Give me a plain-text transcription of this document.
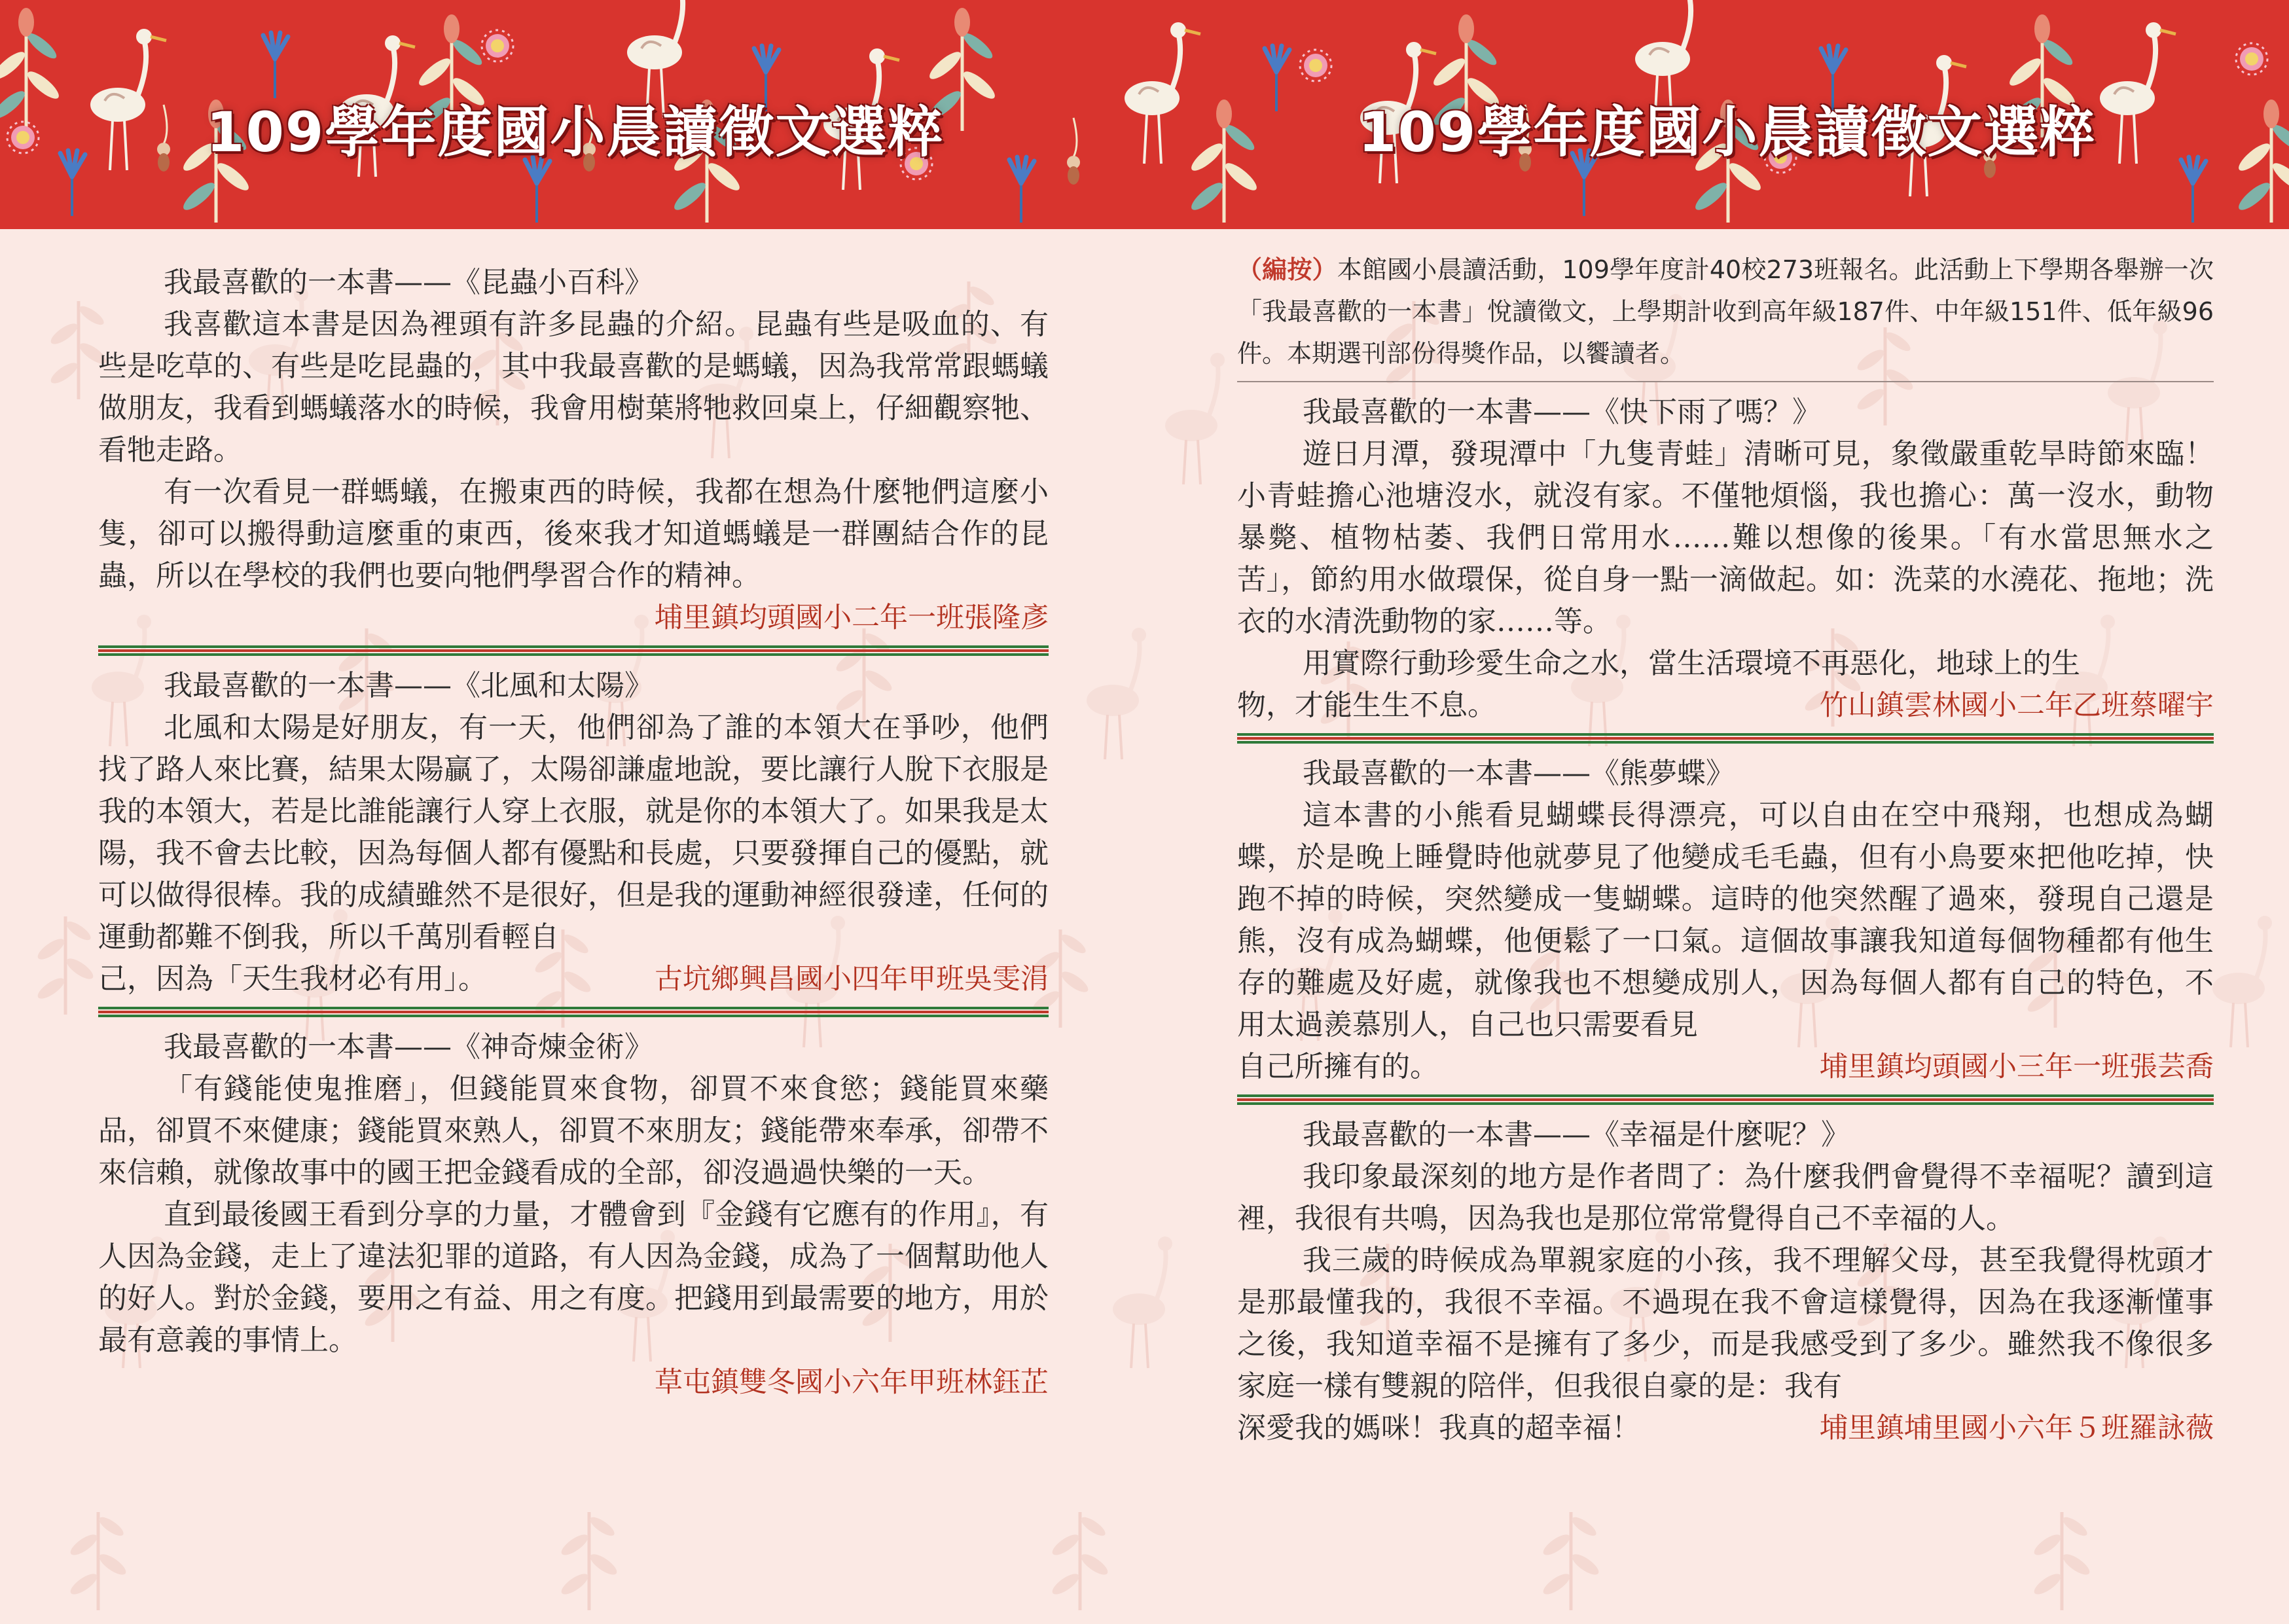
109學年度國小晨讀徵文選粹	109學年度國小晨讀徵文選粹

我最喜歡的一本書——《昆蟲小百科》

我喜歡這本書是因為裡頭有許多昆蟲的介紹。昆蟲有些是吸血的、有些是吃草的、有些是吃昆蟲的，其中我最喜歡的是螞蟻，因為我常常跟螞蟻做朋友，我看到螞蟻落水的時候，我會用樹葉將牠救回桌上，仔細觀察牠、看牠走路。

有一次看見一群螞蟻，在搬東西的時候，我都在想為什麼牠們這麼小隻，卻可以搬得動這麼重的東西，後來我才知道螞蟻是一群團結合作的昆蟲，所以在學校的我們也要向牠們學習合作的精神。

埔里鎮均頭國小二年一班張隆彥

我最喜歡的一本書——《北風和太陽》

北風和太陽是好朋友，有一天，他們卻為了誰的本領大在爭吵，他們找了路人來比賽，結果太陽贏了，太陽卻謙虛地說，要比讓行人脫下衣服是我的本領大，若是比誰能讓行人穿上衣服，就是你的本領大了。如果我是太陽，我不會去比較，因為每個人都有優點和長處，只要發揮自己的優點，就可以做得很棒。我的成績雖然不是很好，但是我的運動神經很發達，任何的運動都難不倒我，所以千萬別看輕自

己，因為「天生我材必有用」。	古坑鄉興昌國小四年甲班吳雯涓

我最喜歡的一本書——《神奇煉金術》

「有錢能使鬼推磨」，但錢能買來食物，卻買不來食慾；錢能買來藥品，卻買不來健康；錢能買來熟人，卻買不來朋友；錢能帶來奉承，卻帶不來信賴，就像故事中的國王把金錢看成的全部，卻沒過過快樂的一天。

直到最後國王看到分享的力量，才體會到『金錢有它應有的作用』，有人因為金錢，走上了違法犯罪的道路，有人因為金錢，成為了一個幫助他人的好人。對於金錢，要用之有益、用之有度。把錢用到最需要的地方，用於最有意義的事情上。

草屯鎮雙冬國小六年甲班林鈺芷

（編按）本館國小晨讀活動，109學年度計40校273班報名。此活動上下學期各舉辦一次「我最喜歡的一本書」悅讀徵文，上學期計收到高年級187件、中年級151件、低年級96件。本期選刊部份得獎作品，以饗讀者。

我最喜歡的一本書——《快下雨了嗎？》

遊日月潭，發現潭中「九隻青蛙」清晰可見，象徵嚴重乾旱時節來臨！小青蛙擔心池塘沒水，就沒有家。不僅牠煩惱，我也擔心：萬一沒水，動物暴斃、植物枯萎、我們日常用水……難以想像的後果。「有水當思無水之苦」，節約用水做環保，從自身一點一滴做起。如：洗菜的水澆花、拖地；洗衣的水清洗動物的家……等。

用實際行動珍愛生命之水，當生活環境不再惡化，地球上的生

物，才能生生不息。	竹山鎮雲林國小二年乙班蔡曜宇

我最喜歡的一本書——《熊夢蝶》

這本書的小熊看見蝴蝶長得漂亮，可以自由在空中飛翔，也想成為蝴蝶，於是晚上睡覺時他就夢見了他變成毛毛蟲，但有小鳥要來把他吃掉，快跑不掉的時候，突然變成一隻蝴蝶。這時的他突然醒了過來，發現自己還是熊，沒有成為蝴蝶，他便鬆了一口氣。這個故事讓我知道每個物種都有他生存的難處及好處，就像我也不想變成別人，因為每個人都有自己的特色，不用太過羨慕別人，自己也只需要看見

自己所擁有的。	埔里鎮均頭國小三年一班張芸喬

我最喜歡的一本書——《幸福是什麼呢？》

我印象最深刻的地方是作者問了：為什麼我們會覺得不幸福呢？讀到這裡，我很有共鳴，因為我也是那位常常覺得自己不幸福的人。

我三歲的時候成為單親家庭的小孩，我不理解父母，甚至我覺得枕頭才是那最懂我的，我很不幸福。不過現在我不會這樣覺得，因為在我逐漸懂事之後，我知道幸福不是擁有了多少，而是我感受到了多少。雖然我不像很多家庭一樣有雙親的陪伴，但我很自豪的是：我有

深愛我的媽咪！我真的超幸福！	埔里鎮埔里國小六年５班羅詠薇
